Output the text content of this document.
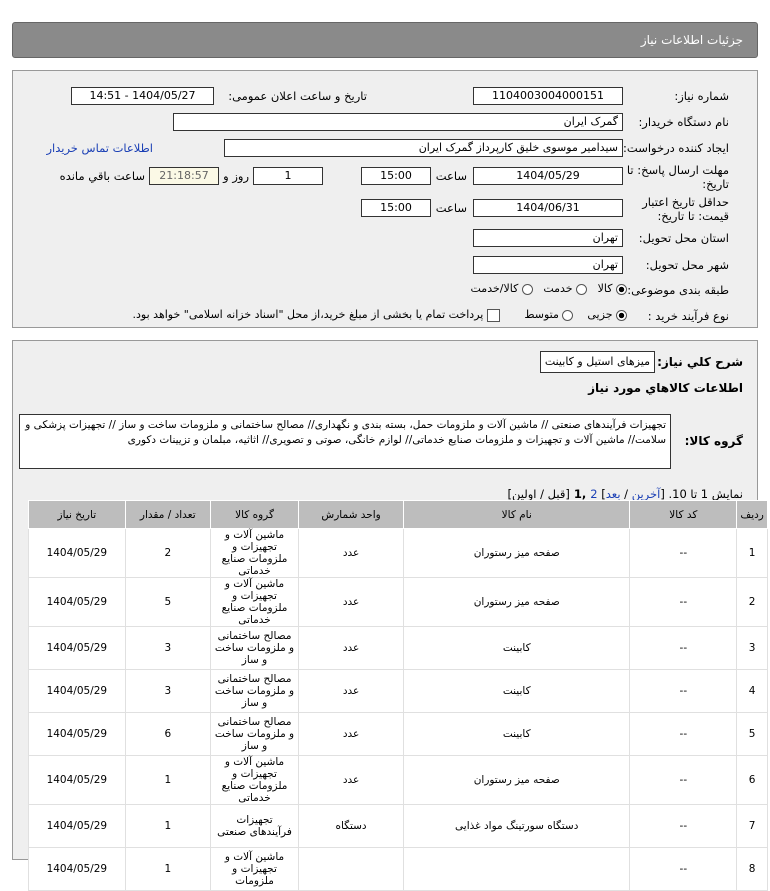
جزئیات اطلاعات نیاز
شماره نیاز:
1104003004000151
تاریخ و ساعت اعلان عمومی:
1404/05/27 - 14:51
نام دستگاه خریدار:
گمرک ایران
ایجاد کننده درخواست:
سیدامیر موسوی خلیق کارپرداز گمرک ایران
اطلاعات تماس خریدار
مهلت ارسال پاسخ: تا تاریخ:
1404/05/29
ساعت
15:00
1
روز و
21:18:57
ساعت باقي مانده
حداقل تاریخ اعتبار قیمت: تا تاریخ:
1404/06/31
ساعت
15:00
استان محل تحویل:
تهران
شهر محل تحویل:
تهران
طبقه بندی موضوعی:
کالا    خدمت    کالا/خدمت
نوع فرآیند خرید :
جزیی     متوسط        پرداخت تمام یا بخشی از مبلغ خرید،از محل "اسناد خزانه اسلامی" خواهد بود.
شرح کلي نياز:
میزهای استیل و کابینت
اطلاعات کالاهاي مورد نياز
گروه کالا:
تجهیزات فرآیندهای صنعتی // ماشین آلات و ملزومات حمل، بسته بندی و نگهداری// مصالح ساختمانی و ملزومات ساخت و ساز // تجهیزات پزشکی و سلامت// ماشین آلات و تجهیزات و ملزومات صنایع خدماتی// لوازم خانگی، صوتی و تصویری// اثاثیه، مبلمان و تزیینات دکوری
نمایش 1 تا 10. [آخرین / بعد] 2 ,1 [قبل / اولین]
ردیف	کد کالا	نام کالا	واحد شمارش	گروه کالا	تعداد / مقدار	تاریخ نیاز
1	--	صفحه میز رستوران	عدد	ماشین آلات و تجهیزات و ملزومات صنایع خدماتی	2	1404/05/29
2	--	صفحه میز رستوران	عدد	ماشین آلات و تجهیزات و ملزومات صنایع خدماتی	5	1404/05/29
3	--	کابینت	عدد	مصالح ساختمانی و ملزومات ساخت و ساز	3	1404/05/29
4	--	کابینت	عدد	مصالح ساختمانی و ملزومات ساخت و ساز	3	1404/05/29
5	--	کابینت	عدد	مصالح ساختمانی و ملزومات ساخت و ساز	6	1404/05/29
6	--	صفحه میز رستوران	عدد	ماشین آلات و تجهیزات و ملزومات صنایع خدماتی	1	1404/05/29
7	--	دستگاه سورتینگ مواد غذایی	دستگاه	تجهیزات فرآیندهای صنعتی	1	1404/05/29
8	--			ماشین آلات و تجهیزات و ملزومات	1	1404/05/29
